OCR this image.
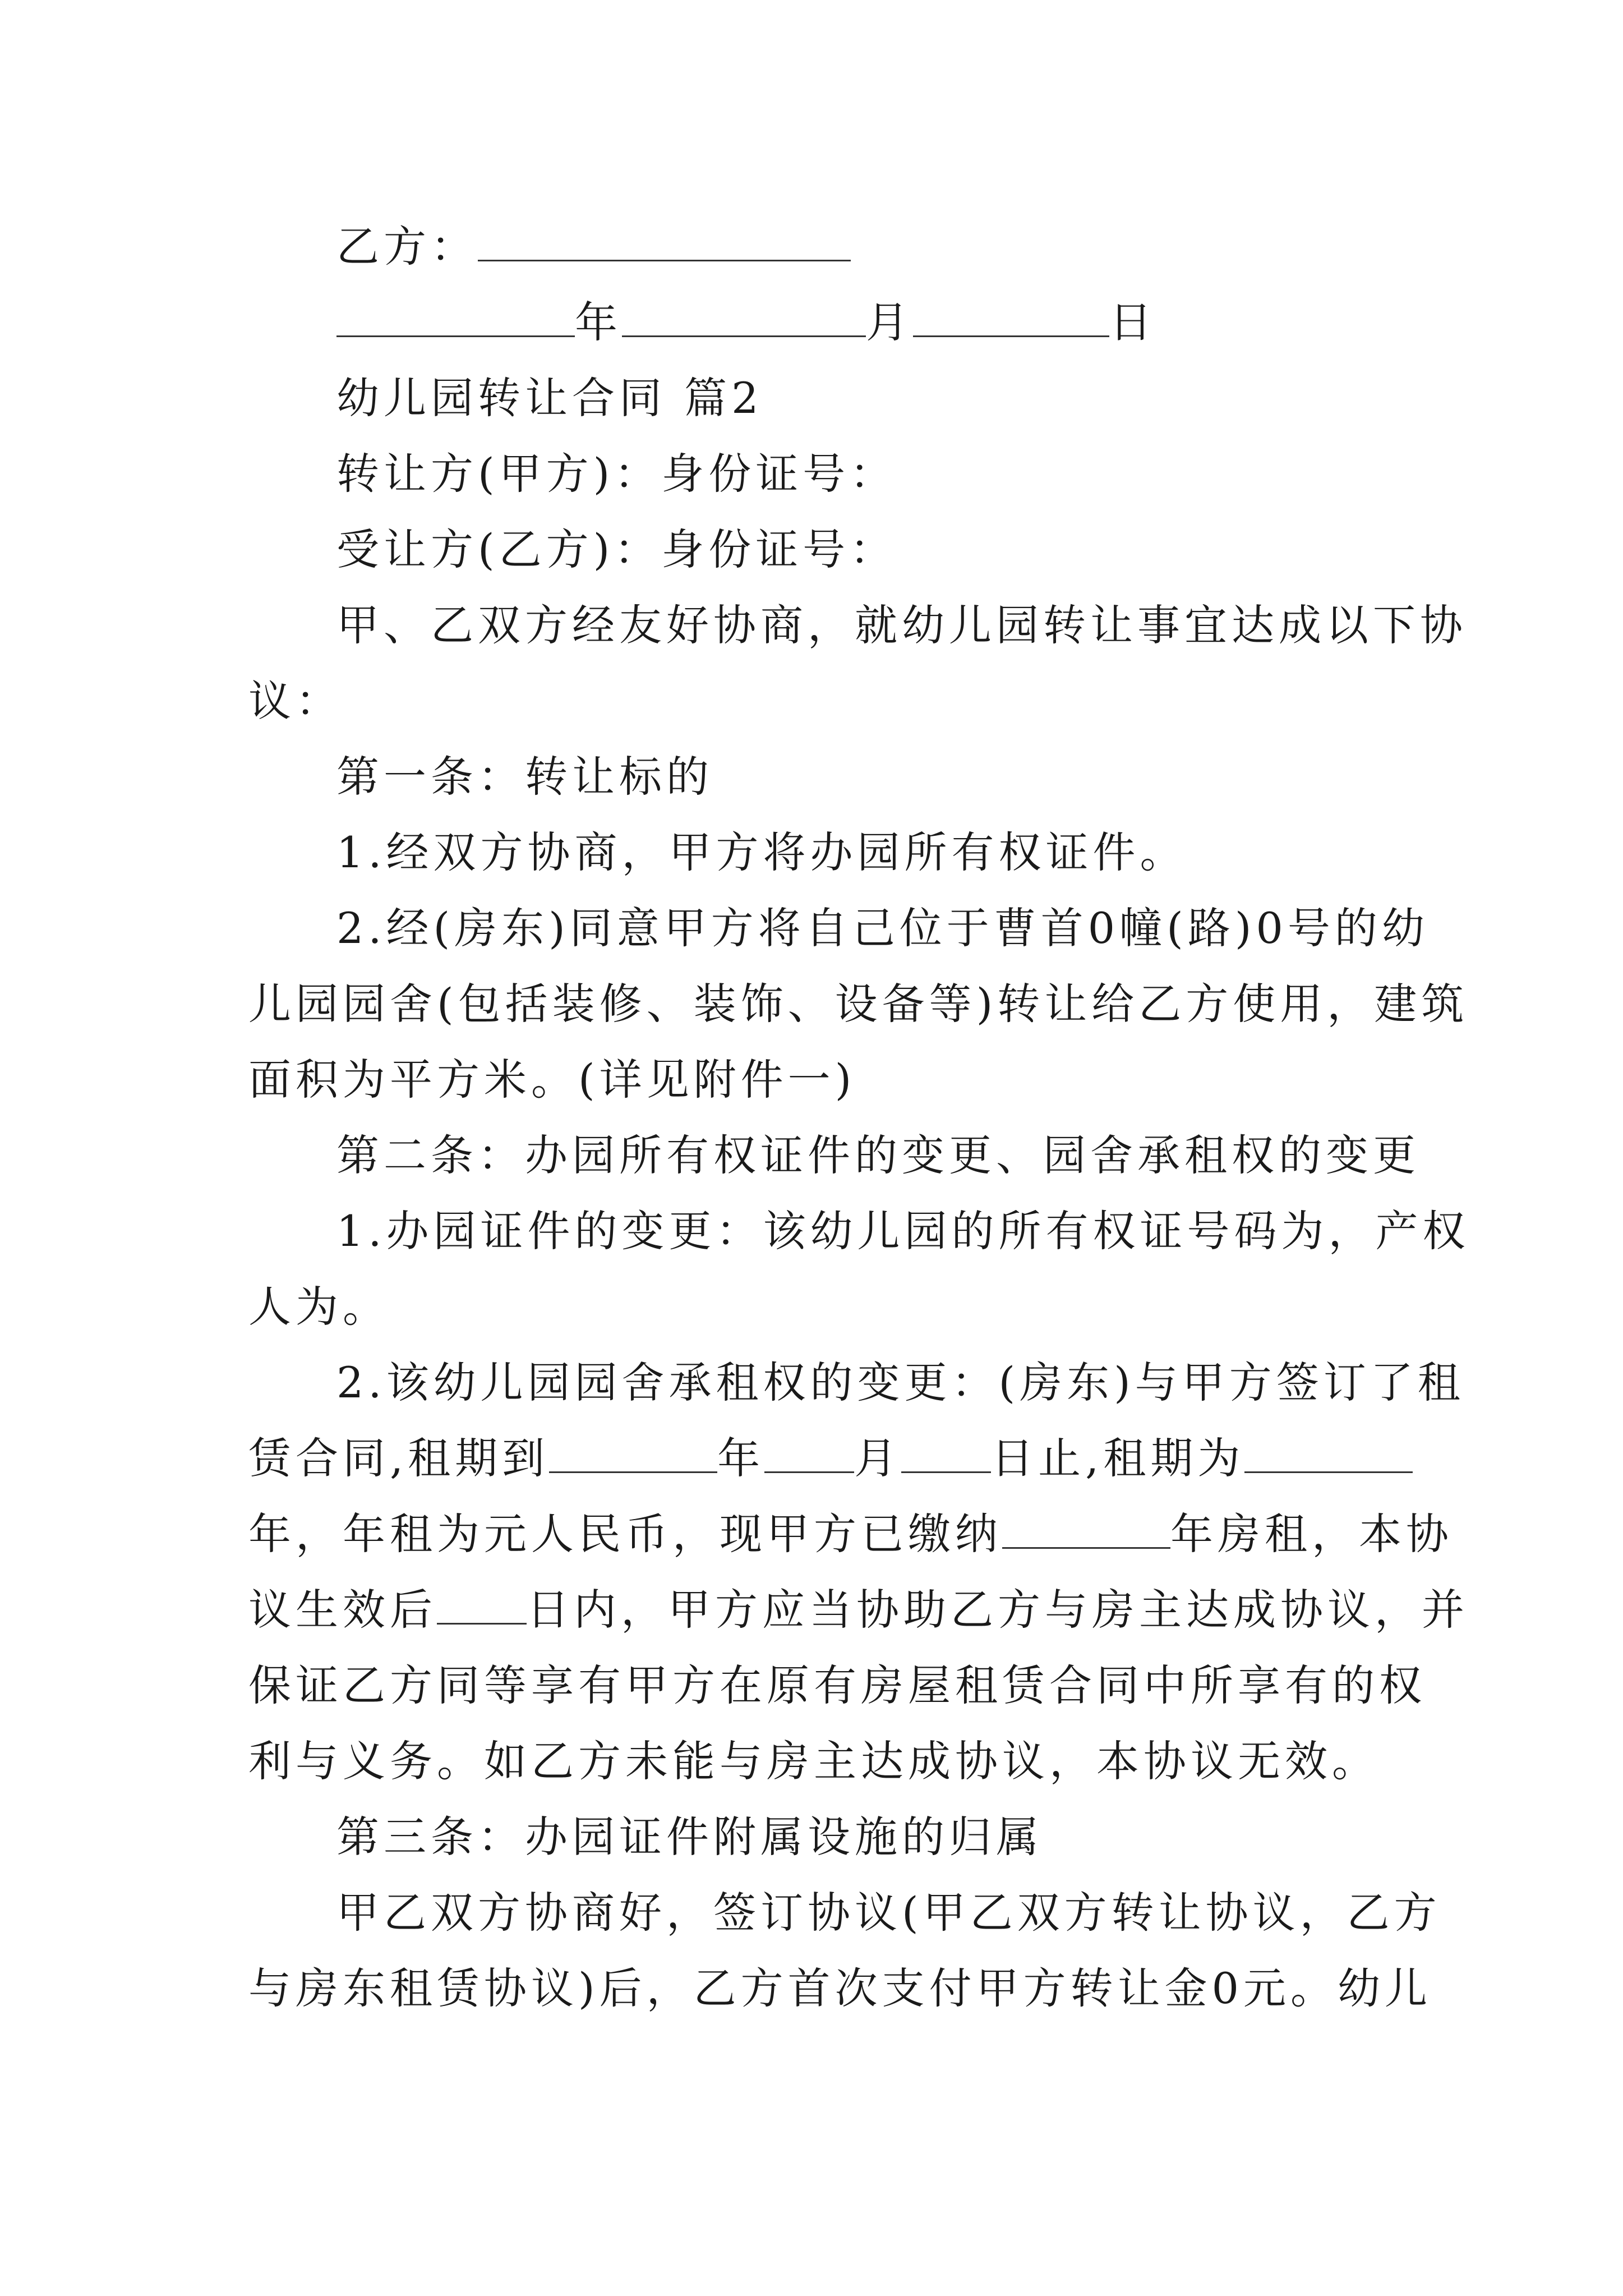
乙方：
年	月	日
幼儿园转让合同 篇2
转让方(甲方)：身份证号：
受让方(乙方)：身份证号：
甲、乙双方经友好协商，就幼儿园转让事宜达成以下协
议：
第一条：转让标的
1.经双方协商，甲方将办园所有权证件。
2.经(房东)同意甲方将自己位于曹首0幢(路)0号的幼
儿园园舍(包括装修、装饰、设备等)转让给乙方使用，建筑
面积为平方米。(详见附件一)
第二条：办园所有权证件的变更、园舍承租权的变更
1.办园证件的变更：该幼儿园的所有权证号码为，产权
人为。
2.该幼儿园园舍承租权的变更：(房东)与甲方签订了租
赁合同,租期到	年 月 日止,租期为
年，年租为元人民币，现甲方已缴纳	年房租，本协
议生效后 日内，甲方应当协助乙方与房主达成协议，并
保证乙方同等享有甲方在原有房屋租赁合同中所享有的权
利与义务。如乙方未能与房主达成协议，本协议无效。
第三条：办园证件附属设施的归属
甲乙双方协商好，签订协议(甲乙双方转让协议，乙方
与房东租赁协议)后，乙方首次支付甲方转让金0元。幼儿
